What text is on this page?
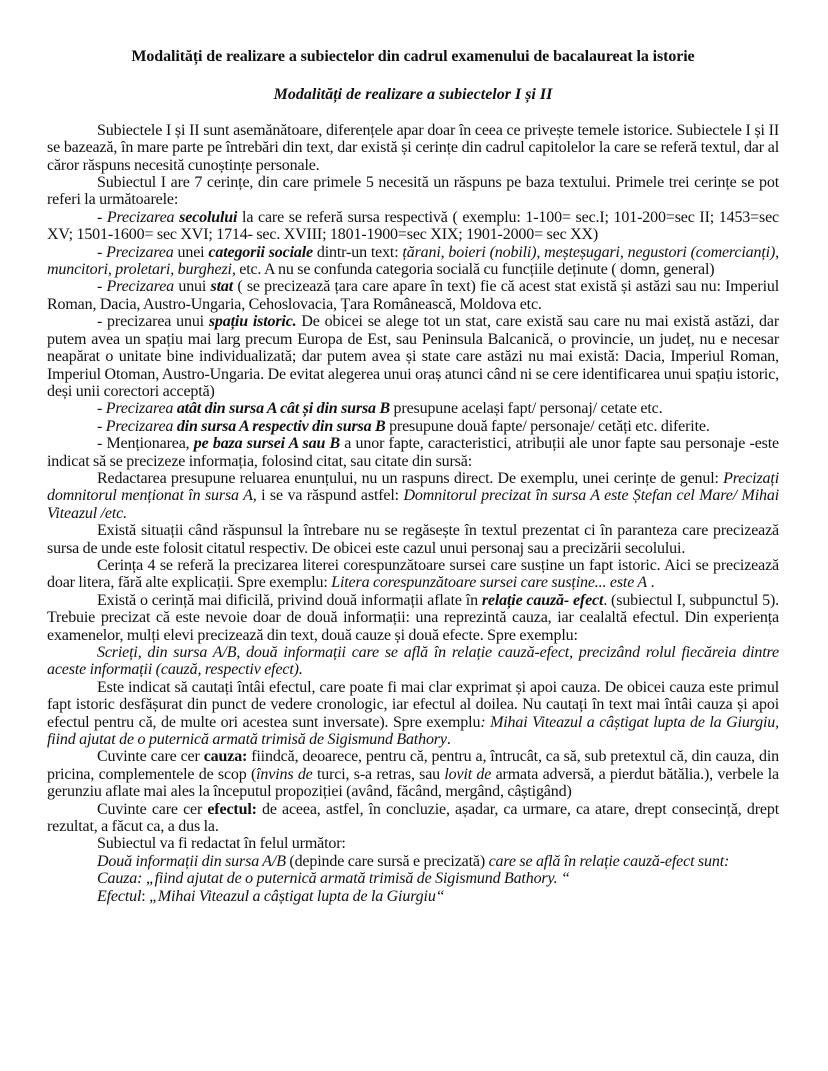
Modalități de realizare a subiectelor din cadrul examenului de bacalaureat la istorie
Modalități de realizare a subiectelor I și II

Subiectele I și II sunt asemănătoare, diferențele apar doar în ceea ce privește temele istorice. Subiectele I și II se bazează, în mare parte pe întrebări din text, dar există și cerințe din cadrul capitolelor la care se referă textul, dar al căror răspuns necesită cunoștințe personale.

Subiectul I are 7 cerințe, din care primele 5 necesită un răspuns pe baza textului. Primele trei cerințe se pot referi la următoarele:

- Precizarea secolului la care se referă sursa respectivă ( exemplu: 1-100= sec.I; 101-200=sec II; 1453=sec XV; 1501-1600= sec XVI; 1714- sec. XVIII; 1801-1900=sec XIX; 1901-2000= sec XX)

- Precizarea unei categorii sociale dintr-un text: țărani, boieri (nobili), meșteșugari, negustori (comercianți), muncitori, proletari, burghezi, etc. A nu se confunda categoria socială cu funcțiile deținute ( domn, general)

- Precizarea unui stat ( se precizează țara care apare în text) fie că acest stat există și astăzi sau nu: Imperiul Roman, Dacia, Austro-Ungaria, Cehoslovacia, Țara Românească, Moldova etc.

- precizarea unui spațiu istoric. De obicei se alege tot un stat, care există sau care nu mai există astăzi, dar putem avea un spațiu mai larg precum Europa de Est, sau Peninsula Balcanică, o provincie, un județ, nu e necesar neapărat o unitate bine individualizată; dar putem avea și state care astăzi nu mai există: Dacia, Imperiul Roman, Imperiul Otoman, Austro-Ungaria. De evitat alegerea unui oraș atunci când ni se cere identificarea unui spațiu istoric, deși unii corectori acceptă)

- Precizarea atât din sursa A cât și din sursa B presupune același fapt/ personaj/ cetate etc.

- Precizarea din sursa A respectiv din sursa B presupune două fapte/ personaje/ cetăți etc. diferite.

- Menționarea, pe baza sursei A sau B a unor fapte, caracteristici, atribuții ale unor fapte sau personaje -este indicat să se precizeze informația, folosind citat, sau citate din sursă:

Redactarea presupune reluarea enunțului, nu un raspuns direct. De exemplu, unei cerințe de genul: Precizați domnitorul menționat în sursa A, i se va răspund astfel: Domnitorul precizat în sursa A este Ștefan cel Mare/ Mihai Viteazul /etc.

Există situații când răspunsul la întrebare nu se regăsește în textul prezentat ci în paranteza care precizează sursa de unde este folosit citatul respectiv. De obicei este cazul unui personaj sau a precizării secolului.

Cerința 4 se referă la precizarea literei corespunzătoare sursei care susține un fapt istoric. Aici se precizează doar litera, fără alte explicații. Spre exemplu: Litera corespunzătoare sursei care susține... este A .

Există o cerință mai dificilă, privind două informații aflate în relație cauză- efect. (subiectul I, subpunctul 5). Trebuie precizat că este nevoie doar de două informații: una reprezintă cauza, iar cealaltă efectul. Din experiența examenelor, mulți elevi precizează din text, două cauze și două efecte. Spre exemplu:

Scrieți, din sursa A/B, două informații care se află în relație cauză-efect, precizând rolul fiecăreia dintre aceste informații (cauză, respectiv efect).

Este indicat să cautați întâi efectul, care poate fi mai clar exprimat și apoi cauza. De obicei cauza este primul fapt istoric desfășurat din punct de vedere cronologic, iar efectul al doilea. Nu cautați în text mai întâi cauza și apoi efectul pentru că, de multe ori acestea sunt inversate). Spre exemplu: Mihai Viteazul a câștigat lupta de la Giurgiu, fiind ajutat de o puternică armată trimisă de Sigismund Bathory.

Cuvinte care cer cauza: fiindcă, deoarece, pentru că, pentru a, întrucât, ca să, sub pretextul că, din cauza, din pricina, complementele de scop (învins de turci, s-a retras, sau lovit de armata adversă, a pierdut bătălia.), verbele la gerunziu aflate mai ales la începutul propoziției (având, făcând, mergând, câștigând)

Cuvinte care cer efectul: de aceea, astfel, în concluzie, așadar, ca urmare, ca atare, drept consecință, drept rezultat, a făcut ca, a dus la.

Subiectul va fi redactat în felul următor:

Două informații din sursa A/B (depinde care sursă e precizată) care se află în relație cauză-efect sunt:

Cauza: „fiind ajutat de o puternică armată trimisă de Sigismund Bathory. “

Efectul: „Mihai Viteazul a câștigat lupta de la Giurgiu“
